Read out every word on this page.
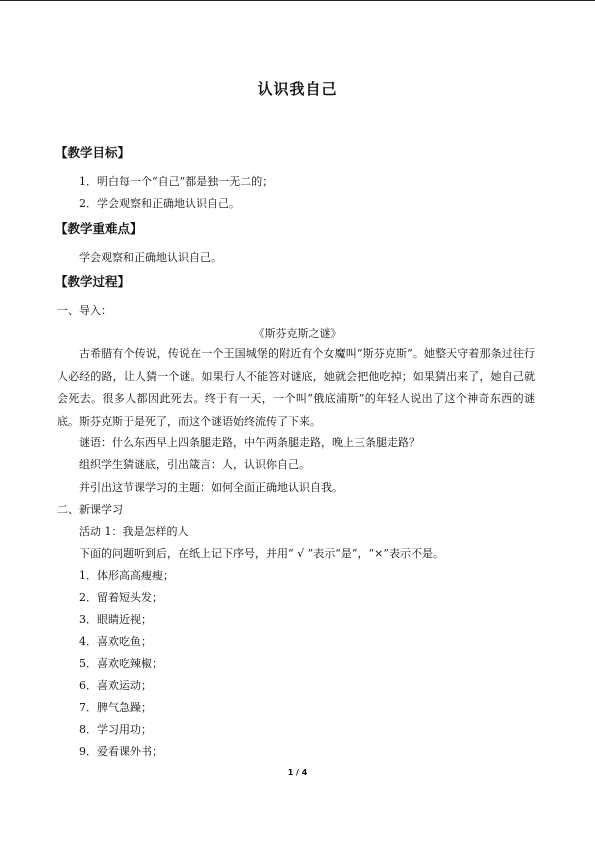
认识我自己
【教学目标】
1．明白每一个“自己”都是独一无二的；
2．学会观察和正确地认识自己。
【教学重难点】
学会观察和正确地认识自己。
【教学过程】
一、导入：
《斯芬克斯之谜》
古希腊有个传说，传说在一个王国城堡的附近有个女魔叫“斯芬克斯”。她整天守着那条过往行人必经的路，让人猜一个谜。如果行人不能答对谜底，她就会把他吃掉；如果猜出来了，她自己就会死去。很多人都因此死去。终于有一天，一个叫“俄底浦斯”的年轻人说出了这个神奇东西的谜底。斯芬克斯于是死了，而这个谜语始终流传了下来。
谜语：什么东西早上四条腿走路，中午两条腿走路，晚上三条腿走路？
组织学生猜谜底，引出箴言：人，认识你自己。
并引出这节课学习的主题：如何全面正确地认识自我。
二、新课学习
活动 1：我是怎样的人
下面的问题听到后，在纸上记下序号，并用“ √ ”表示“是”，“×”表示不是。
1．体形高高瘦瘦；
2．留着短头发；
3．眼睛近视；
4．喜欢吃鱼；
5．喜欢吃辣椒；
6．喜欢运动；
7．脾气急躁；
8．学习用功；
9．爱看课外书；
1 / 4
